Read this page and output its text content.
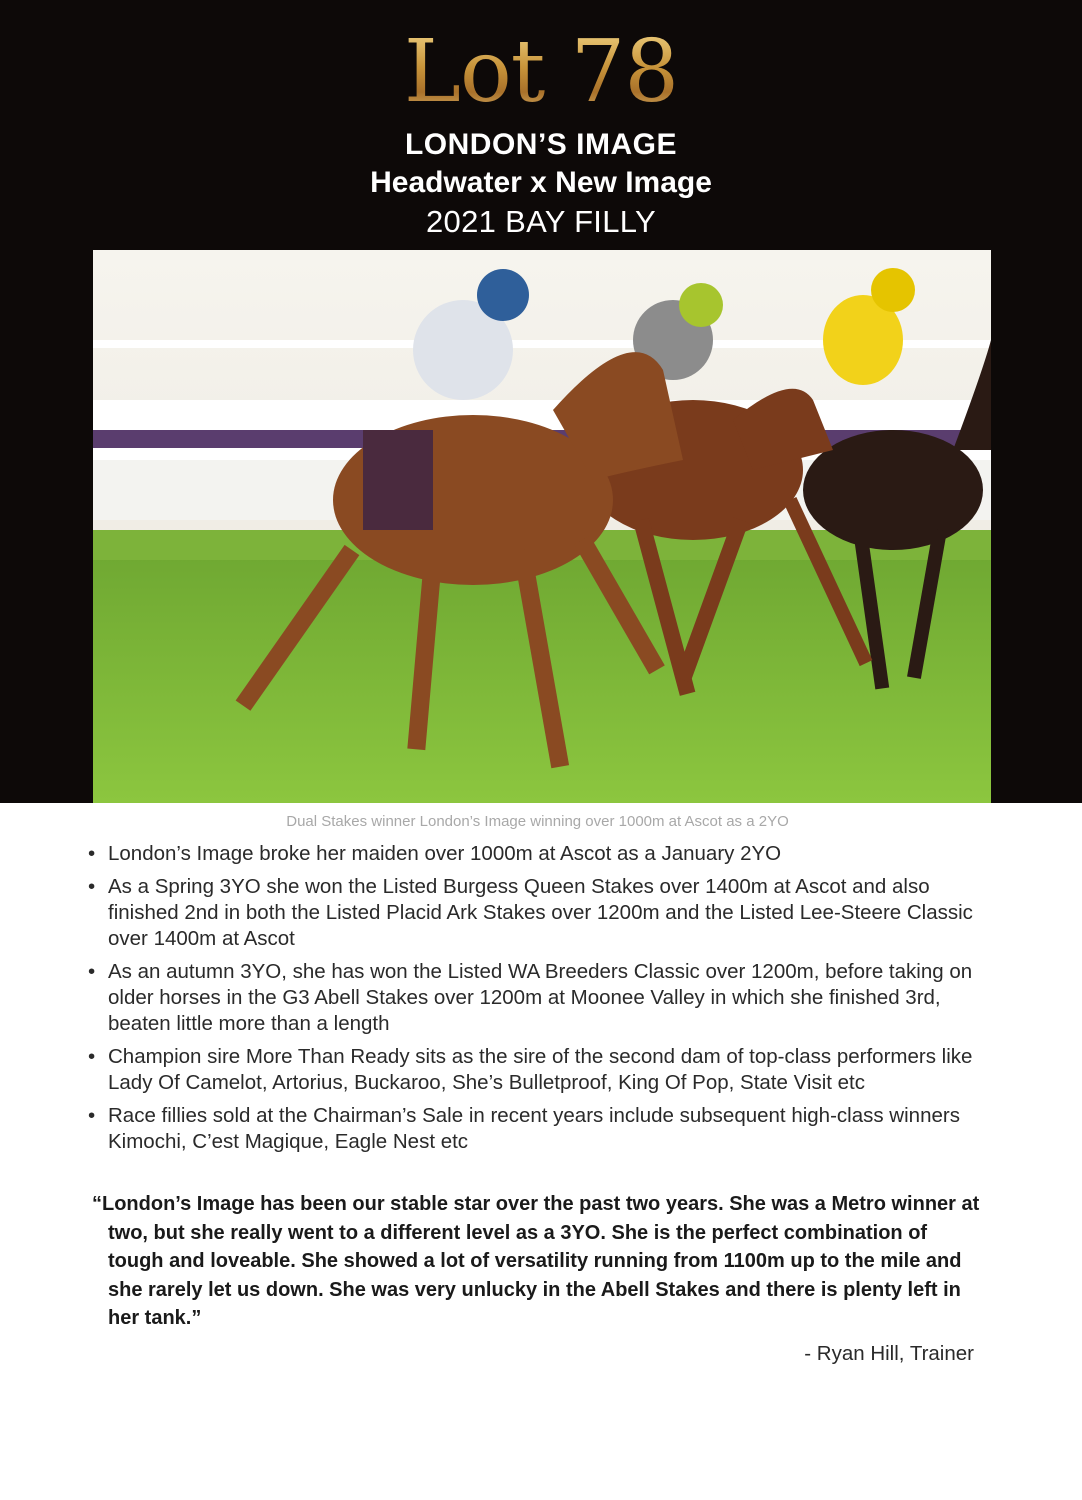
Lot 78
LONDON’S IMAGE
Headwater x New Image
2021 BAY FILLY
Dual Stakes winner London’s Image winning over 1000m at Ascot as a 2YO
• London’s Image broke her maiden over 1000m at Ascot as a January 2YO
• As a Spring 3YO she won the Listed Burgess Queen Stakes over 1400m at Ascot and also finished 2nd in both the Listed Placid Ark Stakes over 1200m and the Listed Lee-Steere Classic over 1400m at Ascot
• As an autumn 3YO, she has won the Listed WA Breeders Classic over 1200m, before taking on older horses in the G3 Abell Stakes over 1200m at Moonee Valley in which she finished 3rd, beaten little more than a length
• Champion sire More Than Ready sits as the sire of the second dam of top-class performers like Lady Of Camelot, Artorius, Buckaroo, She’s Bulletproof, King Of Pop, State Visit etc
• Race fillies sold at the Chairman’s Sale in recent years include subsequent high-class winners Kimochi, C’est Magique, Eagle Nest etc
“London’s Image has been our stable star over the past two years. She was a Metro winner at two, but she really went to a different level as a 3YO. She is the perfect combination of tough and loveable. She showed a lot of versatility running from 1100m up to the mile and she rarely let us down. She was very unlucky in the Abell Stakes and there is plenty left in her tank.”
- Ryan Hill, Trainer
